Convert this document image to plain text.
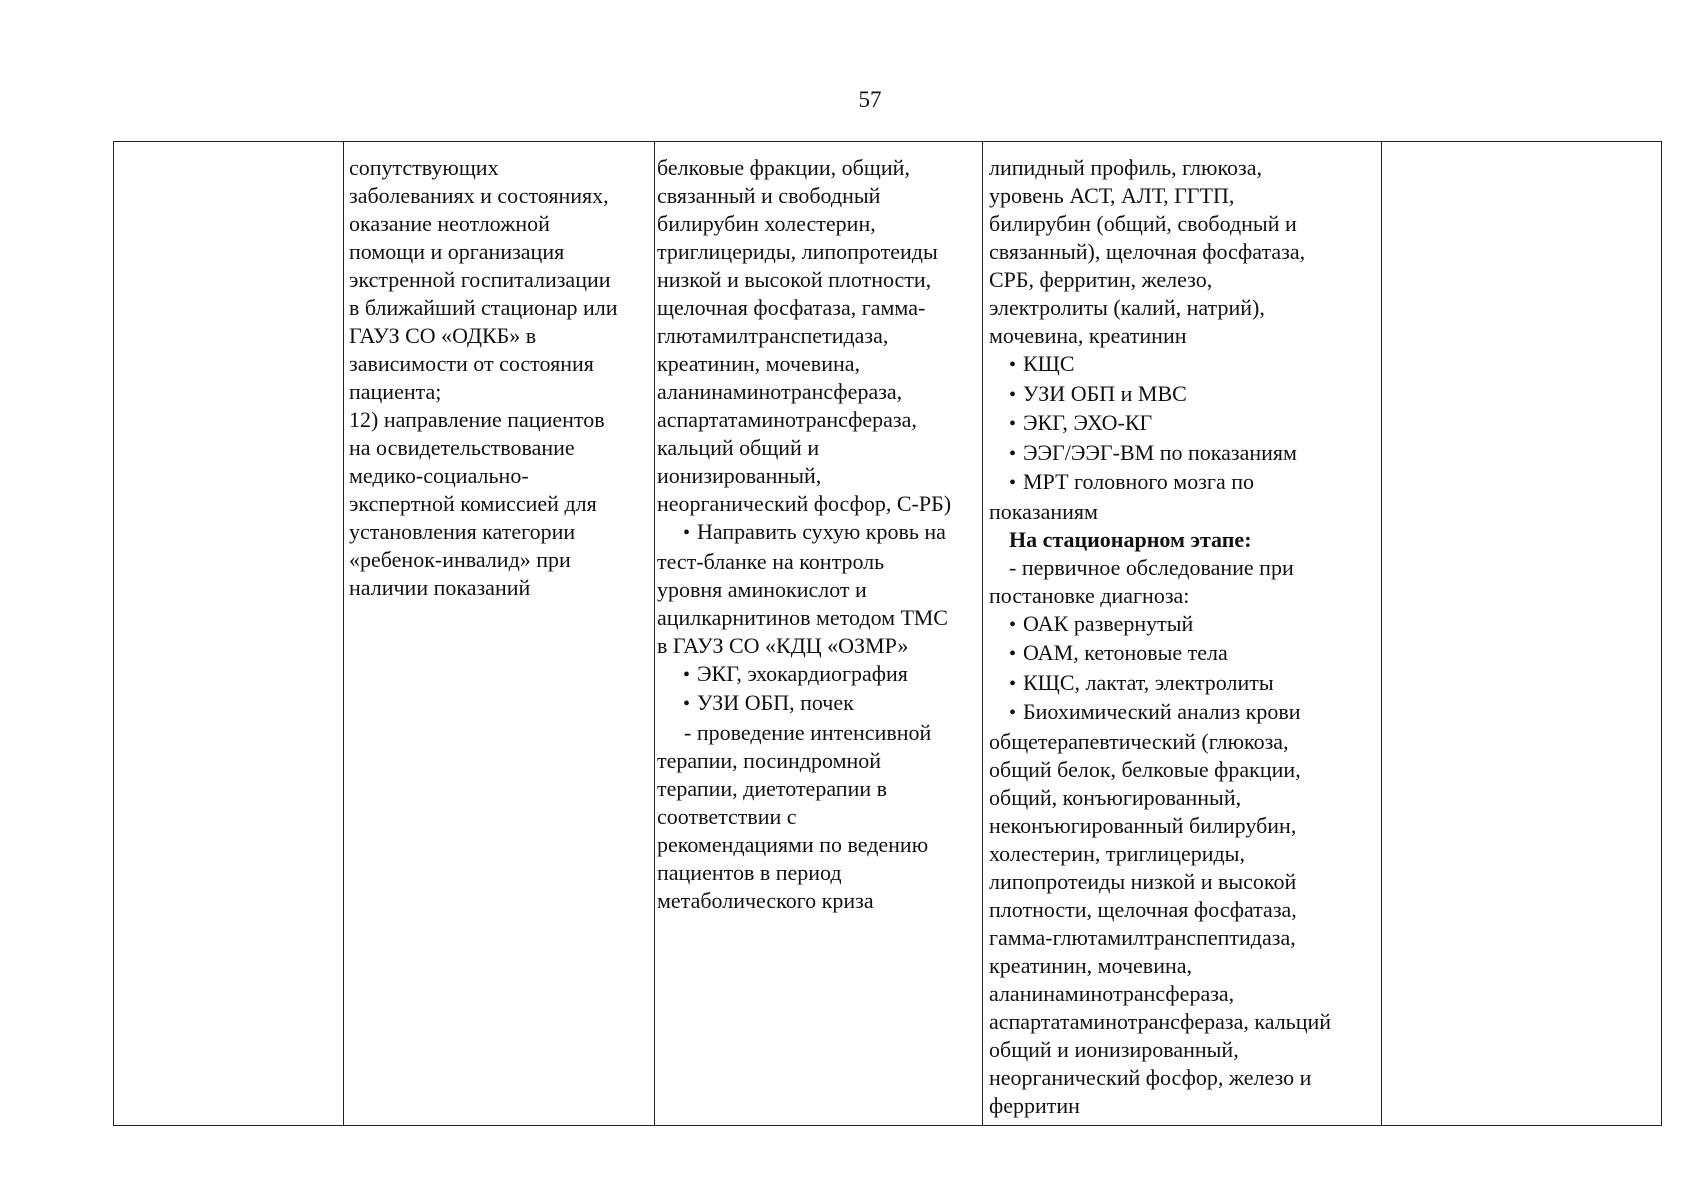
57
сопутствующих
заболеваниях и состояниях,
оказание неотложной
помощи и организация
экстренной госпитализации
в ближайший стационар или
ГАУЗ СО «ОДКБ» в
зависимости от состояния
пациента;
12) направление пациентов
на освидетельствование
медико-социально-
экспертной комиссией для
установления категории
«ребенок-инвалид» при
наличии показаний
белковые фракции, общий,
связанный и свободный
билирубин холестерин,
триглицериды, липопротеиды
низкой и высокой плотности,
щелочная фосфатаза, гамма-
глютамилтранспетидаза,
креатинин, мочевина,
аланинаминотрансфераза,
аспартатаминотрансфераза,
кальций общий и
ионизированный,
неорганический фосфор, С-РБ)
• Направить сухую кровь на
тест-бланке на контроль
уровня аминокислот и
ацилкарнитинов методом ТМС
в ГАУЗ СО «КДЦ «ОЗМР»
• ЭКГ, эхокардиография
• УЗИ ОБП, почек
- проведение интенсивной
терапии, посиндромной
терапии, диетотерапии в
соответствии с
рекомендациями по ведению
пациентов в период
метаболического криза
липидный профиль, глюкоза,
уровень АСТ, АЛТ, ГГТП,
билирубин (общий, свободный и
связанный), щелочная фосфатаза,
СРБ, ферритин, железо,
электролиты (калий, натрий),
мочевина, креатинин
• КЩС
• УЗИ ОБП и МВС
• ЭКГ, ЭХО-КГ
• ЭЭГ/ЭЭГ-ВМ по показаниям
• МРТ головного мозга по
показаниям
На стационарном этапе:
- первичное обследование при
постановке диагноза:
• ОАК развернутый
• ОАМ, кетоновые тела
• КЩС, лактат, электролиты
• Биохимический анализ крови
общетерапевтический (глюкоза,
общий белок, белковые фракции,
общий, конъюгированный,
неконъюгированный билирубин,
холестерин, триглицериды,
липопротеиды низкой и высокой
плотности, щелочная фосфатаза,
гамма-глютамилтранспептидаза,
креатинин, мочевина,
аланинаминотрансфераза,
аспартатаминотрансфераза, кальций
общий и ионизированный,
неорганический фосфор, железо и
ферритин
